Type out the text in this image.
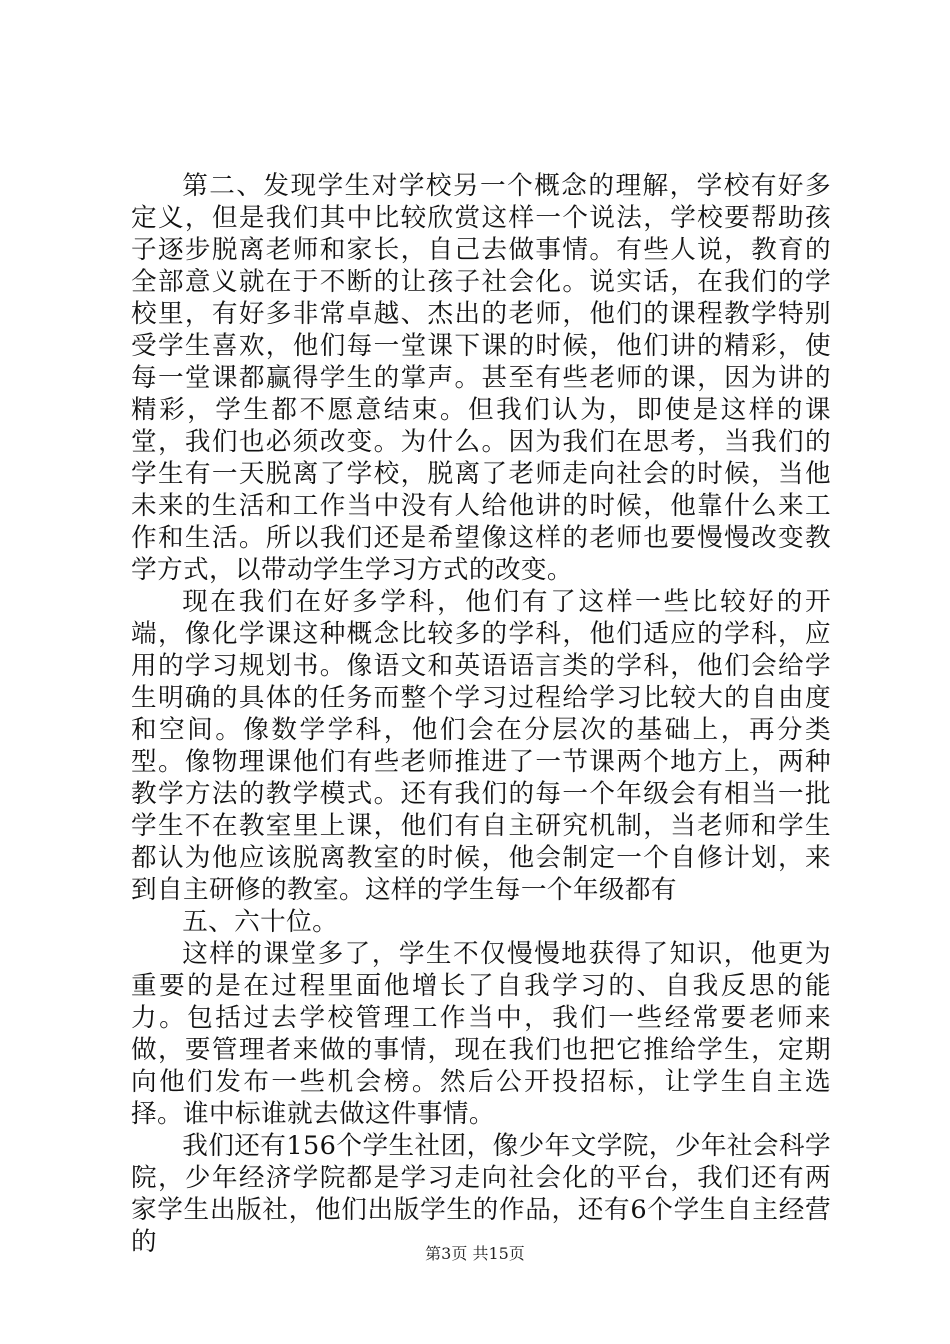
第二、发现学生对学校另一个概念的理解，学校有好多定义，但是我们其中比较欣赏这样一个说法，学校要帮助孩子逐步脱离老师和家长，自己去做事情。有些人说，教育的全部意义就在于不断的让孩子社会化。说实话，在我们的学校里，有好多非常卓越、杰出的老师，他们的课程教学特别受学生喜欢，他们每一堂课下课的时候，他们讲的精彩，使每一堂课都赢得学生的掌声。甚至有些老师的课，因为讲的精彩，学生都不愿意结束。但我们认为，即使是这样的课堂，我们也必须改变。为什么。因为我们在思考，当我们的学生有一天脱离了学校，脱离了老师走向社会的时候，当他未来的生活和工作当中没有人给他讲的时候，他靠什么来工作和生活。所以我们还是希望像这样的老师也要慢慢改变教学方式，以带动学生学习方式的改变。

现在我们在好多学科，他们有了这样一些比较好的开端，像化学课这种概念比较多的学科，他们适应的学科，应用的学习规划书。像语文和英语语言类的学科，他们会给学生明确的具体的任务而整个学习过程给学习比较大的自由度和空间。像数学学科，他们会在分层次的基础上，再分类型。像物理课他们有些老师推进了一节课两个地方上，两种教学方法的教学模式。还有我们的每一个年级会有相当一批学生不在教室里上课，他们有自主研究机制，当老师和学生都认为他应该脱离教室的时候，他会制定一个自修计划，来到自主研修的教室。这样的学生每一个年级都有

五、六十位。

这样的课堂多了，学生不仅慢慢地获得了知识，他更为重要的是在过程里面他增长了自我学习的、自我反思的能力。包括过去学校管理工作当中，我们一些经常要老师来做，要管理者来做的事情，现在我们也把它推给学生，定期向他们发布一些机会榜。然后公开投招标，让学生自主选择。谁中标谁就去做这件事情。

我们还有156个学生社团，像少年文学院，少年社会科学院，少年经济学院都是学习走向社会化的平台，我们还有两家学生出版社，他们出版学生的作品，还有6个学生自主经营的	第3页 共15页
